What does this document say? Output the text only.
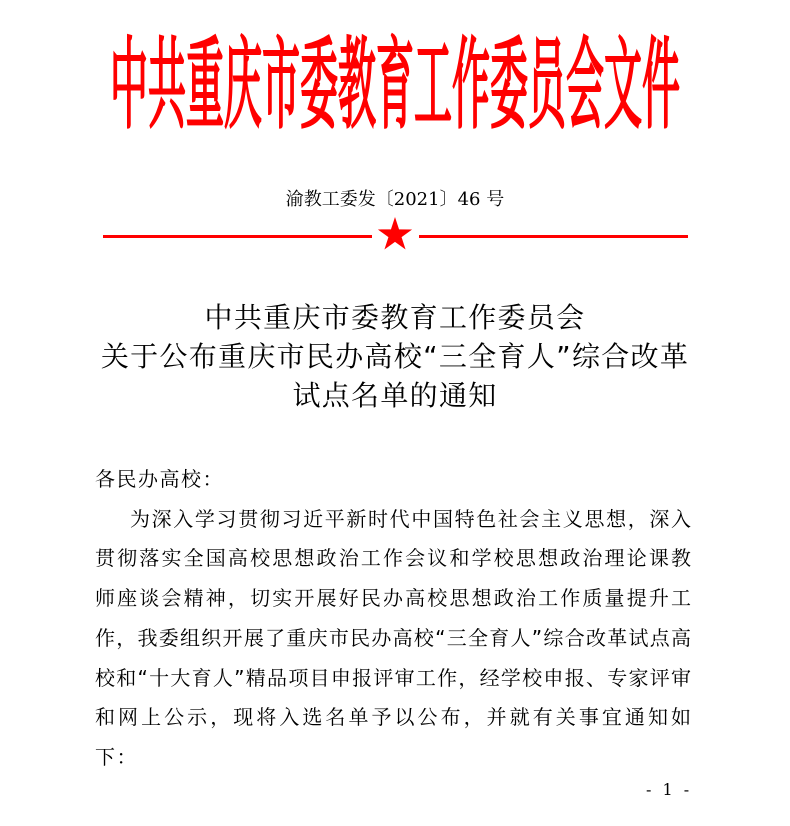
中共重庆市委教育工作委员会文件
渝教工委发〔2021〕46 号
中共重庆市委教育工作委员会
关于公布重庆市民办高校“三全育人”综合改革
试点名单的通知
各民办高校：
为深入学习贯彻习近平新时代中国特色社会主义思想，深入
贯彻落实全国高校思想政治工作会议和学校思想政治理论课教
师座谈会精神，切实开展好民办高校思想政治工作质量提升工
作，我委组织开展了重庆市民办高校“三全育人”综合改革试点高
校和“十大育人”精品项目申报评审工作，经学校申报、专家评审
和网上公示，现将入选名单予以公布，并就有关事宜通知如
下：
- 1 -
